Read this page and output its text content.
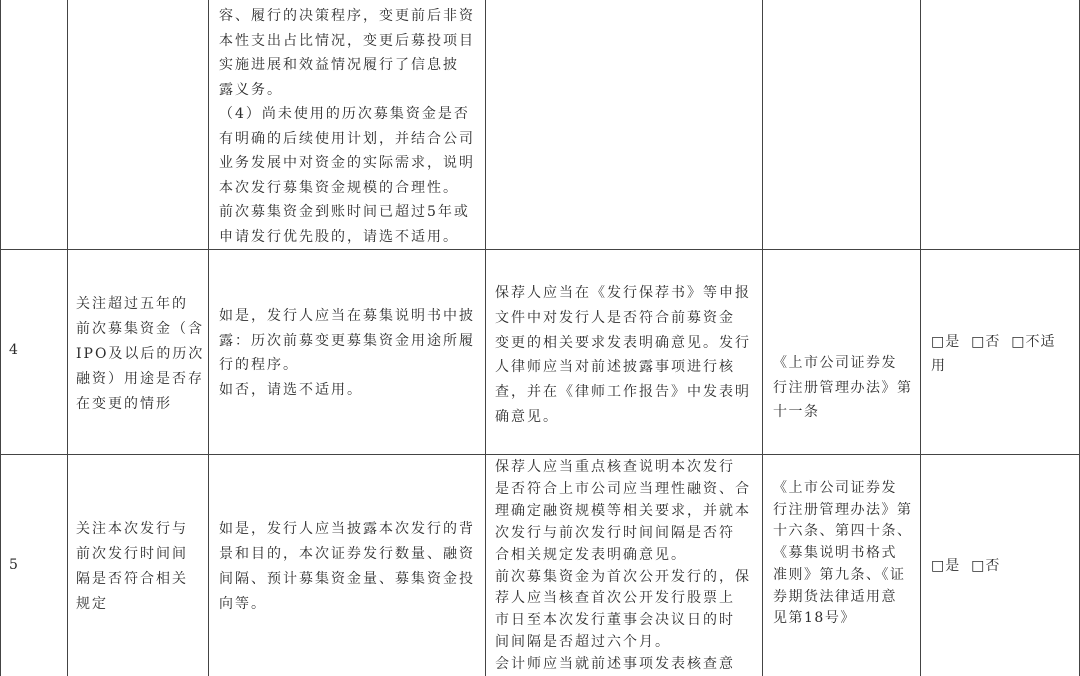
容、履行的决策程序，变更前后非资
本性支出占比情况，变更后募投项目
实施进展和效益情况履行了信息披
露义务。
（4）尚未使用的历次募集资金是否
有明确的后续使用计划，并结合公司
业务发展中对资金的实际需求，说明
本次发行募集资金规模的合理性。
前次募集资金到账时间已超过5年或
申请发行优先股的，请选不适用。
4
关注超过五年的
前次募集资金（含
IPO及以后的历次
融资）用途是否存
在变更的情形
如是，发行人应当在募集说明书中披
露：历次前募变更募集资金用途所履
行的程序。
如否，请选不适用。
保荐人应当在《发行保荐书》等申报
文件中对发行人是否符合前募资金
变更的相关要求发表明确意见。发行
人律师应当对前述披露事项进行核
查，并在《律师工作报告》中发表明
确意见。
《上市公司证券发
行注册管理办法》第
十一条
□是  □否  □不适
用
5
关注本次发行与
前次发行时间间
隔是否符合相关
规定
如是，发行人应当披露本次发行的背
景和目的，本次证券发行数量、融资
间隔、预计募集资金量、募集资金投
向等。
保荐人应当重点核查说明本次发行
是否符合上市公司应当理性融资、合
理确定融资规模等相关要求，并就本
次发行与前次发行时间间隔是否符
合相关规定发表明确意见。
前次募集资金为首次公开发行的，保
荐人应当核查首次公开发行股票上
市日至本次发行董事会决议日的时
间间隔是否超过六个月。
会计师应当就前述事项发表核查意
《上市公司证券发
行注册管理办法》第
十六条、第四十条、
《募集说明书格式
准则》第九条、《证
券期货法律适用意
见第18号》
□是  □否
